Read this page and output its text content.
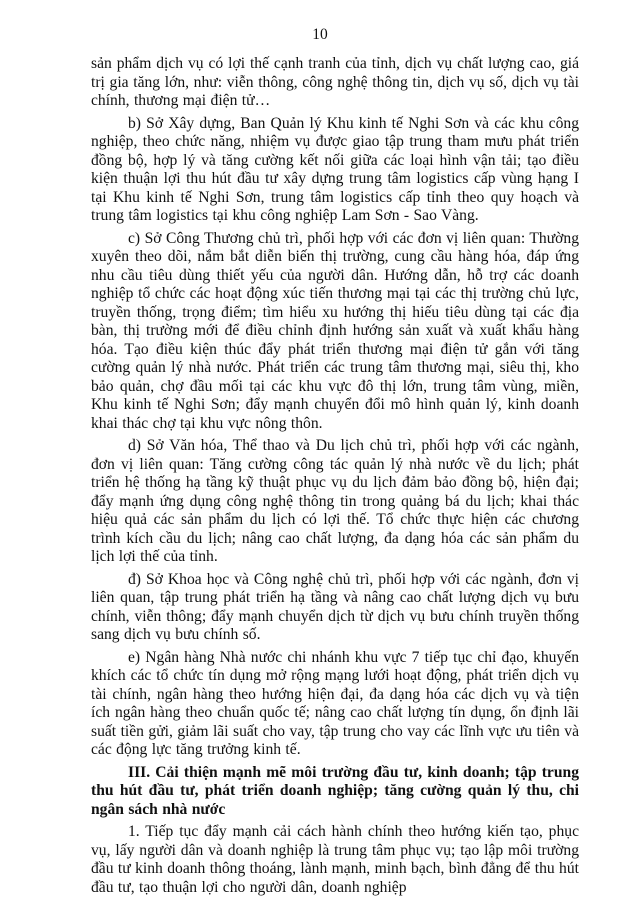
10

sản phẩm dịch vụ có lợi thế cạnh tranh của tỉnh, dịch vụ chất lượng cao, giá trị gia tăng lớn, như: viễn thông, công nghệ thông tin, dịch vụ số, dịch vụ tài chính, thương mại điện tử…

b) Sở Xây dựng, Ban Quản lý Khu kinh tế Nghi Sơn và các khu công nghiệp, theo chức năng, nhiệm vụ được giao tập trung tham mưu phát triển đồng bộ, hợp lý và tăng cường kết nối giữa các loại hình vận tải; tạo điều kiện thuận lợi thu hút đầu tư xây dựng trung tâm logistics cấp vùng hạng I tại Khu kinh tế Nghi Sơn, trung tâm logistics cấp tỉnh theo quy hoạch và trung tâm logistics tại khu công nghiệp Lam Sơn - Sao Vàng.

c) Sở Công Thương chủ trì, phối hợp với các đơn vị liên quan: Thường xuyên theo dõi, nắm bắt diễn biến thị trường, cung cầu hàng hóa, đáp ứng nhu cầu tiêu dùng thiết yếu của người dân. Hướng dẫn, hỗ trợ các doanh nghiệp tổ chức các hoạt động xúc tiến thương mại tại các thị trường chủ lực, truyền thống, trọng điểm; tìm hiểu xu hướng thị hiếu tiêu dùng tại các địa bàn, thị trường mới để điều chỉnh định hướng sản xuất và xuất khẩu hàng hóa. Tạo điều kiện thúc đẩy phát triển thương mại điện tử gắn với tăng cường quản lý nhà nước. Phát triển các trung tâm thương mại, siêu thị, kho bảo quản, chợ đầu mối tại các khu vực đô thị lớn, trung tâm vùng, miền, Khu kinh tế Nghi Sơn; đẩy mạnh chuyển đổi mô hình quản lý, kinh doanh khai thác chợ tại khu vực nông thôn.

d) Sở Văn hóa, Thể thao và Du lịch chủ trì, phối hợp với các ngành, đơn vị liên quan: Tăng cường công tác quản lý nhà nước về du lịch; phát triển hệ thống hạ tầng kỹ thuật phục vụ du lịch đảm bảo đồng bộ, hiện đại; đẩy mạnh ứng dụng công nghệ thông tin trong quảng bá du lịch; khai thác hiệu quả các sản phẩm du lịch có lợi thế. Tổ chức thực hiện các chương trình kích cầu du lịch; nâng cao chất lượng, đa dạng hóa các sản phẩm du lịch lợi thế của tỉnh.

đ) Sở Khoa học và Công nghệ chủ trì, phối hợp với các ngành, đơn vị liên quan, tập trung phát triển hạ tầng và nâng cao chất lượng dịch vụ bưu chính, viễn thông; đẩy mạnh chuyển dịch từ dịch vụ bưu chính truyền thống sang dịch vụ bưu chính số.

e) Ngân hàng Nhà nước chi nhánh khu vực 7 tiếp tục chỉ đạo, khuyến khích các tổ chức tín dụng mở rộng mạng lưới hoạt động, phát triển dịch vụ tài chính, ngân hàng theo hướng hiện đại, đa dạng hóa các dịch vụ và tiện ích ngân hàng theo chuẩn quốc tế; nâng cao chất lượng tín dụng, ổn định lãi suất tiền gửi, giảm lãi suất cho vay, tập trung cho vay các lĩnh vực ưu tiên và các động lực tăng trưởng kinh tế.

III. Cải thiện mạnh mẽ môi trường đầu tư, kinh doanh; tập trung thu hút đầu tư, phát triển doanh nghiệp; tăng cường quản lý thu, chi ngân sách nhà nước

1. Tiếp tục đẩy mạnh cải cách hành chính theo hướng kiến tạo, phục vụ, lấy người dân và doanh nghiệp là trung tâm phục vụ; tạo lập môi trường đầu tư kinh doanh thông thoáng, lành mạnh, minh bạch, bình đẳng để thu hút đầu tư, tạo thuận lợi cho người dân, doanh nghiệp
